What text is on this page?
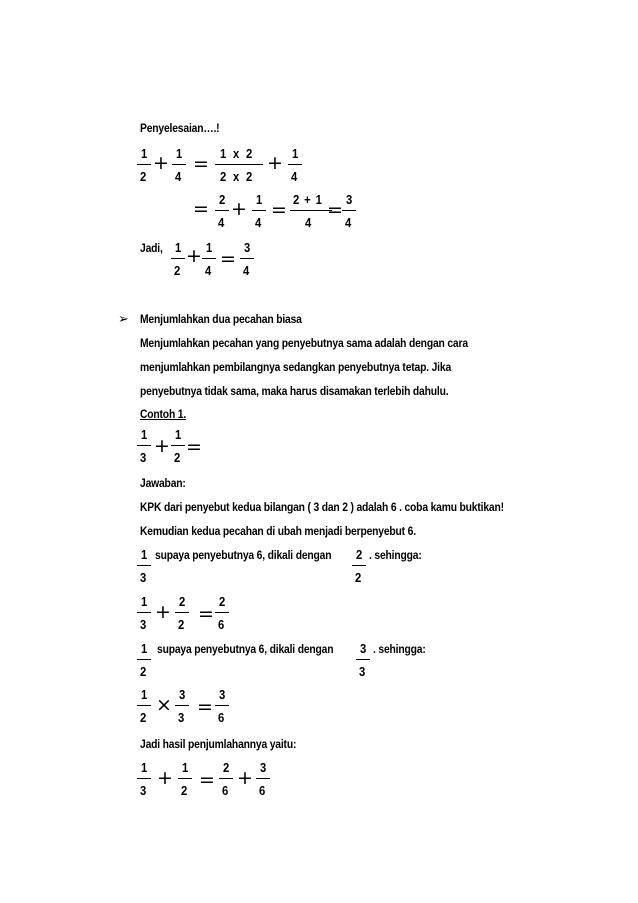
Penyelesaian….!
1
2
+ 1
4
= 1 x 2
2 x 2
+ 1
4
= 2
4
+ 1
4
= 2 + 1
4
= 3
4
Jadi, 1
2
+ 1
4
= 3
4
➢ Menjumlahkan dua pecahan biasa
Menjumlahkan pecahan yang penyebutnya sama adalah dengan cara
menjumlahkan pembilangnya sedangkan penyebutnya tetap. Jika
penyebutnya tidak sama, maka harus disamakan terlebih dahulu.
Contoh 1.
1
3
+ 1
2 =
Jawaban:
KPK dari penyebut kedua bilangan ( 3 dan 2 ) adalah 6 . coba kamu buktikan!
Kemudian kedua pecahan di ubah menjadi berpenyebut 6.
1
3
supaya penyebutnya 6, dikali dengan 2
2
. sehingga:
1
3
+ 2
2 =
2
6
1
2
supaya penyebutnya 6, dikali dengan 3
3
. sehingga:
1
2
× 3
3 =
3
6
Jadi hasil penjumlahannya yaitu:
1
3
+ 1
2 =
2
6
+ 3
6
